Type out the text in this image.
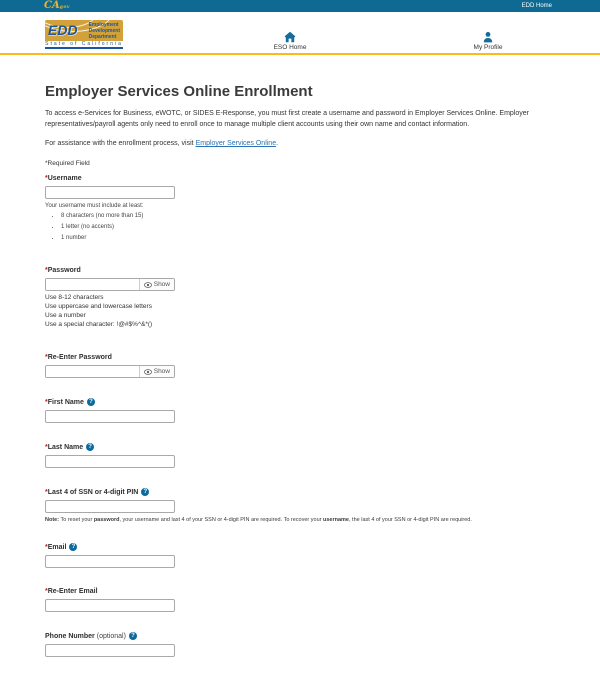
CAgov	EDD Home
EDD Employment
Development
Department
State of California	ESO Home	My Profile
Employer Services Online Enrollment

To access e-Services for Business, eWOTC, or SIDES E-Response, you must first create a username and password in Employer Services Online. Employer representatives/payroll agents only need to enroll once to manage multiple client accounts using their own name and contact information.

For assistance with the enrollment process, visit Employer Services Online.

*Required Field

*Username
Your username must include at least:
• 8 characters (no more than 15)
• 1 letter (no accents)
• 1 number
*Password
Show
Use 8-12 characters
Use uppercase and lowercase letters
Use a number
Use a special character: !@#$%^&*()
*Re-Enter Password
Show
*First Name ?
*Last Name ?
*Last 4 of SSN or 4-digit PIN ?
Note: To reset your password, your username and last 4 of your SSN or 4-digit PIN are required. To recover your username, the last 4 of your SSN or 4-digit PIN are required.
*Email ?
*Re-Enter Email
Phone Number (optional) ?
